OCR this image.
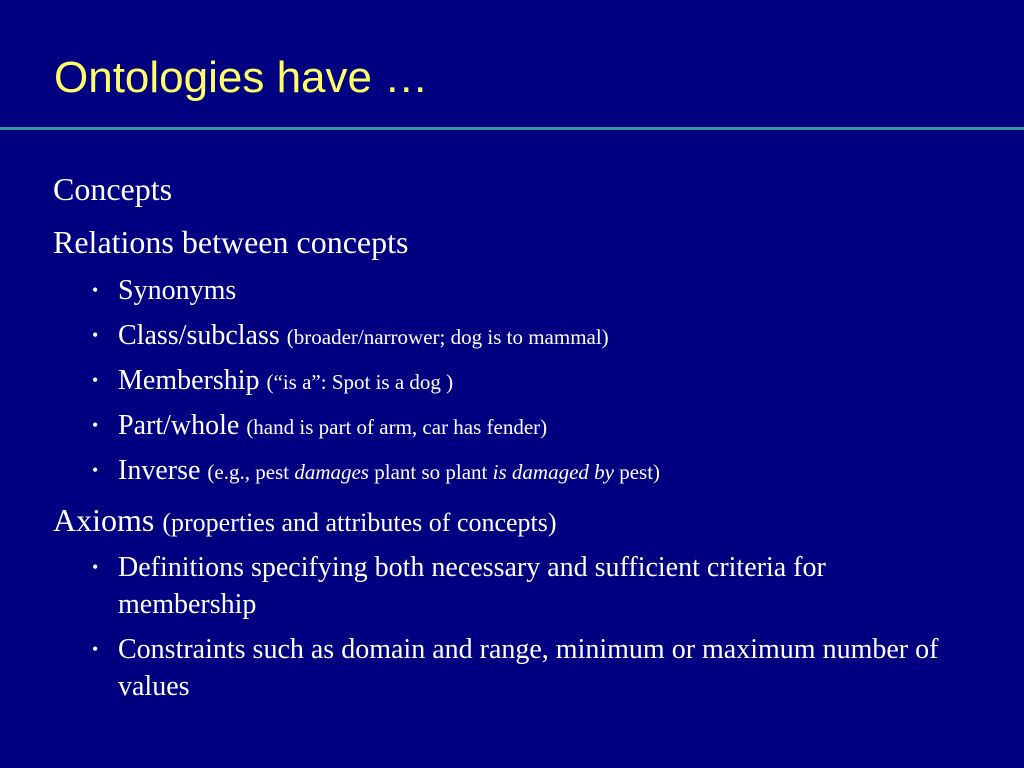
Ontologies have …
Concepts
Relations between concepts
• Synonyms
• Class/subclass (broader/narrower; dog is to mammal)
• Membership (“is a”: Spot is a dog )
• Part/whole (hand is part of arm, car has fender)
• Inverse (e.g., pest damages plant so plant is damaged by pest)
Axioms (properties and attributes of concepts)
• Definitions specifying both necessary and sufficient criteria for membership
• Constraints such as domain and range, minimum or maximum number of values
